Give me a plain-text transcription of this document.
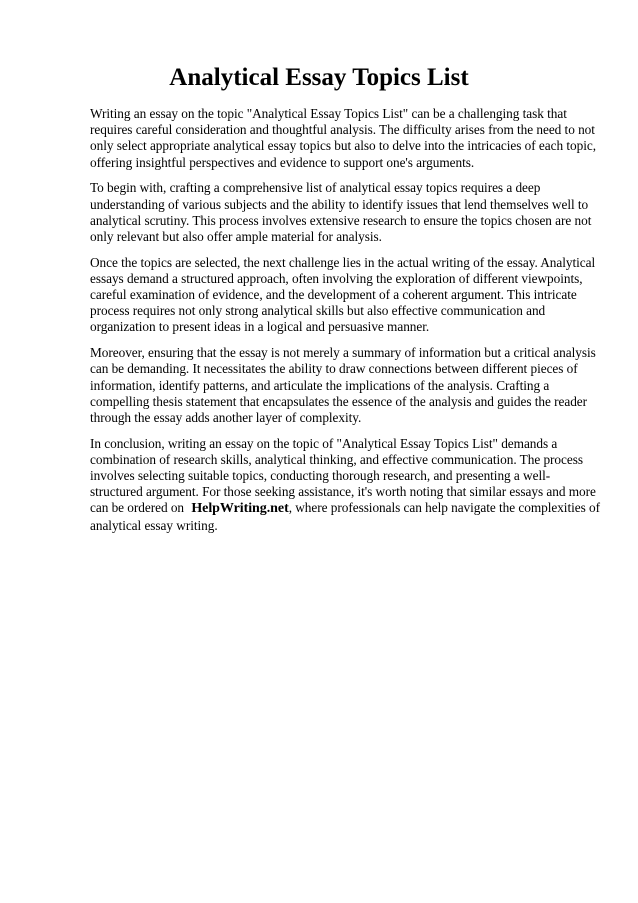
Analytical Essay Topics List

Writing an essay on the topic "Analytical Essay Topics List" can be a challenging task that requires careful consideration and thoughtful analysis. The difficulty arises from the need to not only select appropriate analytical essay topics but also to delve into the intricacies of each topic, offering insightful perspectives and evidence to support one's arguments.

To begin with, crafting a comprehensive list of analytical essay topics requires a deep understanding of various subjects and the ability to identify issues that lend themselves well to analytical scrutiny. This process involves extensive research to ensure the topics chosen are not only relevant but also offer ample material for analysis.

Once the topics are selected, the next challenge lies in the actual writing of the essay. Analytical essays demand a structured approach, often involving the exploration of different viewpoints, careful examination of evidence, and the development of a coherent argument. This intricate process requires not only strong analytical skills but also effective communication and organization to present ideas in a logical and persuasive manner.

Moreover, ensuring that the essay is not merely a summary of information but a critical analysis can be demanding. It necessitates the ability to draw connections between different pieces of information, identify patterns, and articulate the implications of the analysis. Crafting a compelling thesis statement that encapsulates the essence of the analysis and guides the reader through the essay adds another layer of complexity.

In conclusion, writing an essay on the topic of "Analytical Essay Topics List" demands a combination of research skills, analytical thinking, and effective communication. The process involves selecting suitable topics, conducting thorough research, and presenting a well-structured argument. For those seeking assistance, it's worth noting that similar essays and more can be ordered on HelpWriting.net, where professionals can help navigate the complexities of analytical essay writing.
